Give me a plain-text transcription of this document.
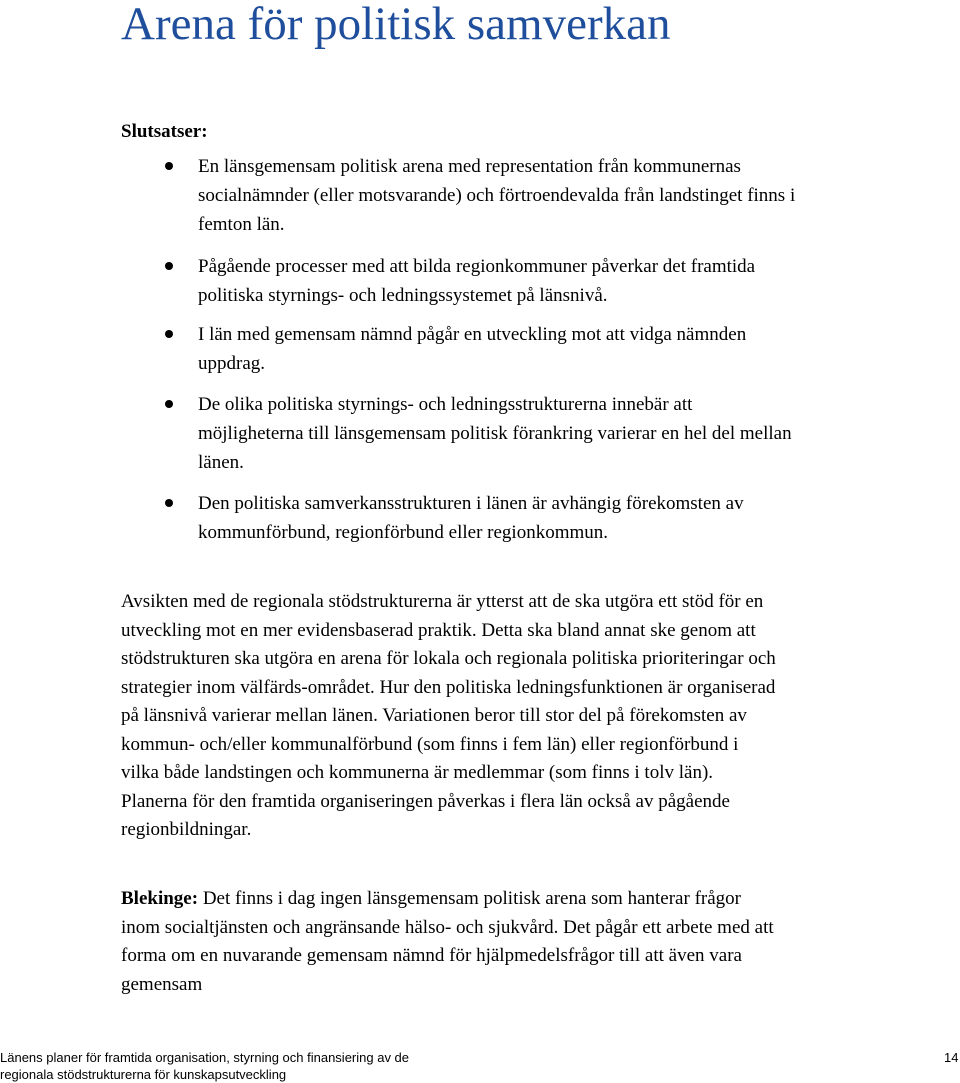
Arena för politisk samverkan
Slutsatser:
En länsgemensam politisk arena med representation från kommunernas socialnämnder (eller motsvarande) och förtroendevalda från landstinget finns i femton län.
Pågående processer med att bilda regionkommuner påverkar det framtida politiska styrnings- och ledningssystemet på länsnivå.
I län med gemensam nämnd pågår en utveckling mot att vidga nämnden uppdrag.
De olika politiska styrnings- och ledningsstrukturerna innebär att möjligheterna till länsgemensam politisk förankring varierar en hel del mellan länen.
Den politiska samverkansstrukturen i länen är avhängig förekomsten av kommunförbund, regionförbund eller regionkommun.

Avsikten med de regionala stödstrukturerna är ytterst att de ska utgöra ett stöd för en utveckling mot en mer evidensbaserad praktik. Detta ska bland annat ske genom att stödstrukturen ska utgöra en arena för lokala och regionala politiska prioriteringar och strategier inom välfärds-området. Hur den politiska ledningsfunktionen är organiserad på länsnivå varierar mellan länen. Variationen beror till stor del på förekomsten av kommun- och/eller kommunalförbund (som finns i fem län) eller regionförbund i vilka både landstingen och kommunerna är medlemmar (som finns i tolv län). Planerna för den framtida organiseringen påverkas i flera län också av pågående regionbildningar.

Blekinge: Det finns i dag ingen länsgemensam politisk arena som hanterar frågor inom socialtjänsten och angränsande hälso- och sjukvård. Det pågår ett arbete med att forma om en nuvarande gemensam nämnd för hjälpmedelsfrågor till att även vara gemensam

Länens planer för framtida organisation, styrning och finansiering av de
regionala stödstrukturerna för kunskapsutveckling
14
